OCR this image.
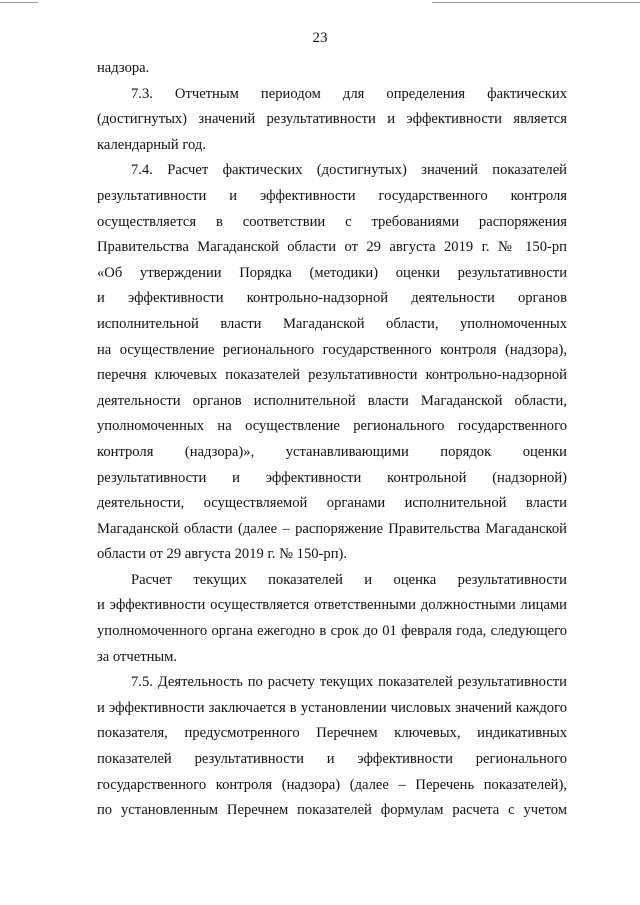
23
надзора.
7.3. Отчетным периодом для определения фактических
(достигнутых) значений результативности и эффективности является
календарный год.
7.4. Расчет фактических (достигнутых) значений показателей
результативности и эффективности государственного контроля
осуществляется в соответствии с требованиями распоряжения
Правительства Магаданской области от 29 августа 2019 г. № 150-рп
«Об утверждении Порядка (методики) оценки результативности
и эффективности контрольно-надзорной деятельности органов
исполнительной власти Магаданской области, уполномоченных
на осуществление регионального государственного контроля (надзора),
перечня ключевых показателей результативности контрольно-надзорной
деятельности органов исполнительной власти Магаданской области,
уполномоченных на осуществление регионального государственного
контроля (надзора)», устанавливающими порядок оценки
результативности и эффективности контрольной (надзорной)
деятельности, осуществляемой органами исполнительной власти
Магаданской области (далее – распоряжение Правительства Магаданской
области от 29 августа 2019 г. № 150-рп).
Расчет текущих показателей и оценка результативности
и эффективности осуществляется ответственными должностными лицами
уполномоченного органа ежегодно в срок до 01 февраля года, следующего
за отчетным.
7.5. Деятельность по расчету текущих показателей результативности
и эффективности заключается в установлении числовых значений каждого
показателя, предусмотренного Перечнем ключевых, индикативных
показателей результативности и эффективности регионального
государственного контроля (надзора) (далее – Перечень показателей),
по установленным Перечнем показателей формулам расчета с учетом
